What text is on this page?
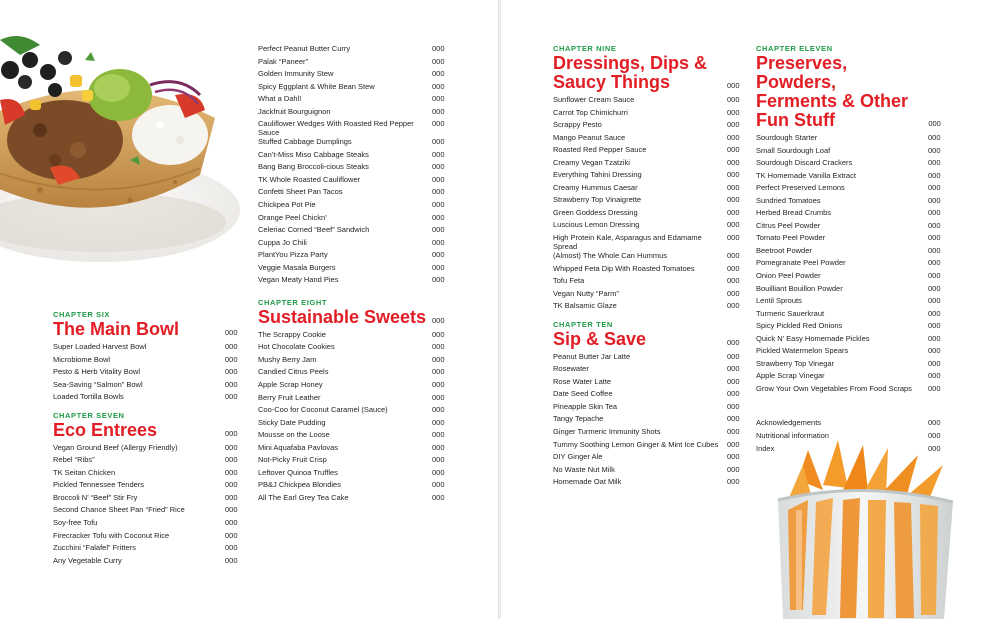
CHAPTER SIX
The Main Bowl	000
Super Loaded Harvest Bowl	000
Microbiome Bowl	000
Pesto & Herb Vitality Bowl	000
Sea-Saving “Salmon” Bowl	000
Loaded Tortilla Bowls	000
CHAPTER SEVEN
Eco Entrees	000
Vegan Ground Beef (Allergy Friendly)	000
Rebel “Ribs”	000
TK Seitan Chicken	000
Pickled Tennessee Tenders	000
Broccoli N’ “Beef” Stir Fry	000
Second Chance Sheet Pan “Fried” Rice	000
Soy-free Tofu	000
Firecracker Tofu with Coconut Rice	000
Zucchini “Falafel” Fritters	000
Any Vegetable Curry	000
Perfect Peanut Butter Curry	000
Palak “Paneer”	000
Golden Immunity Stew	000
Spicy Eggplant & White Bean Stew	000
What a Dahl!	000
Jackfruit Bourguignon	000
Cauliflower Wedges With Roasted Red Pepper Sauce
000
Stuffed Cabbage Dumplings	000
Can’t-Miss Miso Cabbage Steaks	000
Bang Bang Broccoli-cious Steaks	000
TK Whole Roasted Cauliflower	000
Confetti Sheet Pan Tacos	000
Chickpea Pot Pie	000
Orange Peel Chickn’	000
Celeriac Corned “Beef” Sandwich	000
Cuppa Jo Chili	000
PlantYou Pizza Party	000
Veggie Masala Burgers	000
Vegan Meaty Hand Pies	000
CHAPTER EIGHT
Sustainable Sweets 000
The Scrappy Cookie	000
Hot Chocolate Cookies	000
Mushy Berry Jam	000
Candied Citrus Peels	000
Apple Scrap Honey	000
Berry Fruit Leather	000
Coo-Coo for Coconut Caramel (Sauce)	000
Sticky Date Pudding	000
Mousse on the Loose	000
Mini Aquafaba Pavlovas	000
Not-Picky Fruit Crisp	000
Leftover Quinoa Truffles	000
PB&J Chickpea Blondies	000
All The Earl Grey Tea Cake	000
CHAPTER NINE
Dressings, Dips &
Saucy Things	000
Sunflower Cream Sauce	000
Carrot Top Chimichurri	000
Scrappy Pesto	000
Mango Peanut Sauce	000
Roasted Red Pepper Sauce	000
Creamy Vegan Tzatziki	000
Everything Tahini Dressing	000
Creamy Hummus Caesar	000
Strawberry Top Vinaigrette	000
Green Goddess Dressing	000
Luscious Lemon Dressing	000
High Protein Kale, Asparagus and Edamame Spread
000
(Almost) The Whole Can Hummus	000
Whipped Feta Dip With Roasted Tomatoes	000
Tofu Feta	000
Vegan Nutty “Parm”	000
TK Balsamic Glaze	000
CHAPTER TEN
Sip & Save	000
Peanut Butter Jar Latte	000
Rosewater	000
Rose Water Latte	000
Date Seed Coffee	000
Pineapple Skin Tea	000
Tangy Tepache	000
Ginger Turmeric Immunity Shots	000
Tummy Soothing Lemon Ginger & Mint Ice Cubes	000
DIY Ginger Ale	000
No Waste Nut Milk	000
Homemade Oat Milk	000
CHAPTER ELEVEN
Preserves, Powders,
Ferments & Other
Fun Stuff	000
Sourdough Starter	000
Small Sourdough Loaf	000
Sourdough Discard Crackers	000
TK Homemade Vanilla Extract	000
Perfect Preserved Lemons	000
Sundried Tomatoes	000
Herbed Bread Crumbs	000
Citrus Peel Powder	000
Tomato Peel Powder	000
Beetroot Powder	000
Pomegranate Peel Powder	000
Onion Peel Powder	000
Bouilliant Bouillon Powder	000
Lentil Sprouts	000
Turmeric Sauerkraut	000
Spicy Pickled Red Onions	000
Quick N’ Easy Homemade Pickles	000
Pickled Watermelon Spears	000
Strawberry Top Vinegar	000
Apple Scrap Vinegar	000
Grow Your Own Vegetables From Food Scraps	000
Acknowledgements	000
Nutritional information	000
Index	000
